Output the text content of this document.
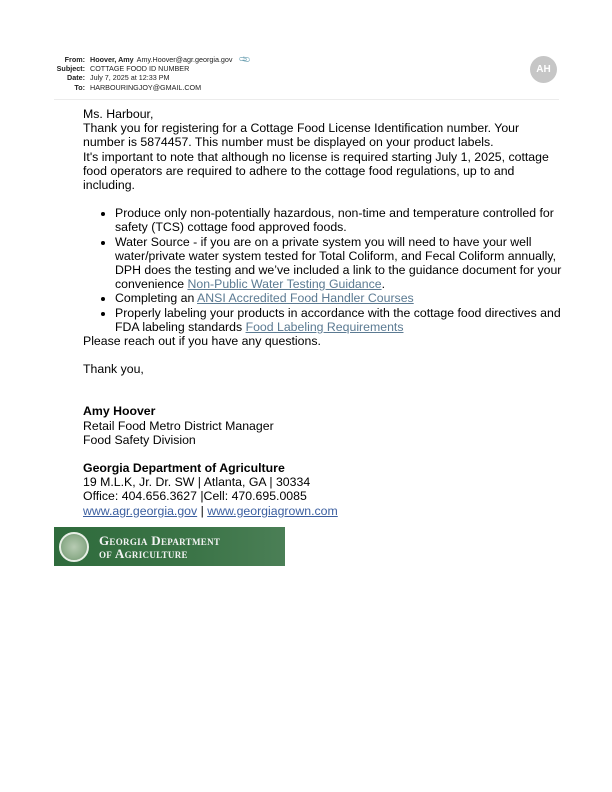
From: Hoover, Amy Amy.Hoover@agr.georgia.gov 📎
Subject: COTTAGE FOOD ID NUMBER
Date: July 7, 2025 at 12:33 PM
To: HARBOURINGJOY@GMAIL.COM
AH

Ms. Harbour,

Thank you for registering for a Cottage Food License Identification number. Your number is 5874457. This number must be displayed on your product labels.

It's important to note that although no license is required starting July 1, 2025, cottage food operators are required to adhere to the cottage food regulations, up to and including.

• Produce only non-potentially hazardous, non-time and temperature controlled for safety (TCS) cottage food approved foods.
• Water Source - if you are on a private system you will need to have your well water/private water system tested for Total Coliform, and Fecal Coliform annually, DPH does the testing and we’ve included a link to the guidance document for your convenience Non-Public Water Testing Guidance.
• Completing an ANSI Accredited Food Handler Courses
• Properly labeling your products in accordance with the cottage food directives and FDA labeling standards Food Labeling Requirements

Please reach out if you have any questions.

Thank you,

Amy Hoover

Retail Food Metro District Manager

Food Safety Division

Georgia Department of Agriculture

19 M.L.K, Jr. Dr. SW | Atlanta, GA | 30334

Office: 404.656.3627 |Cell: 470.695.0085

www.agr.georgia.gov | www.georgiagrown.com

Georgia Department
of Agriculture
